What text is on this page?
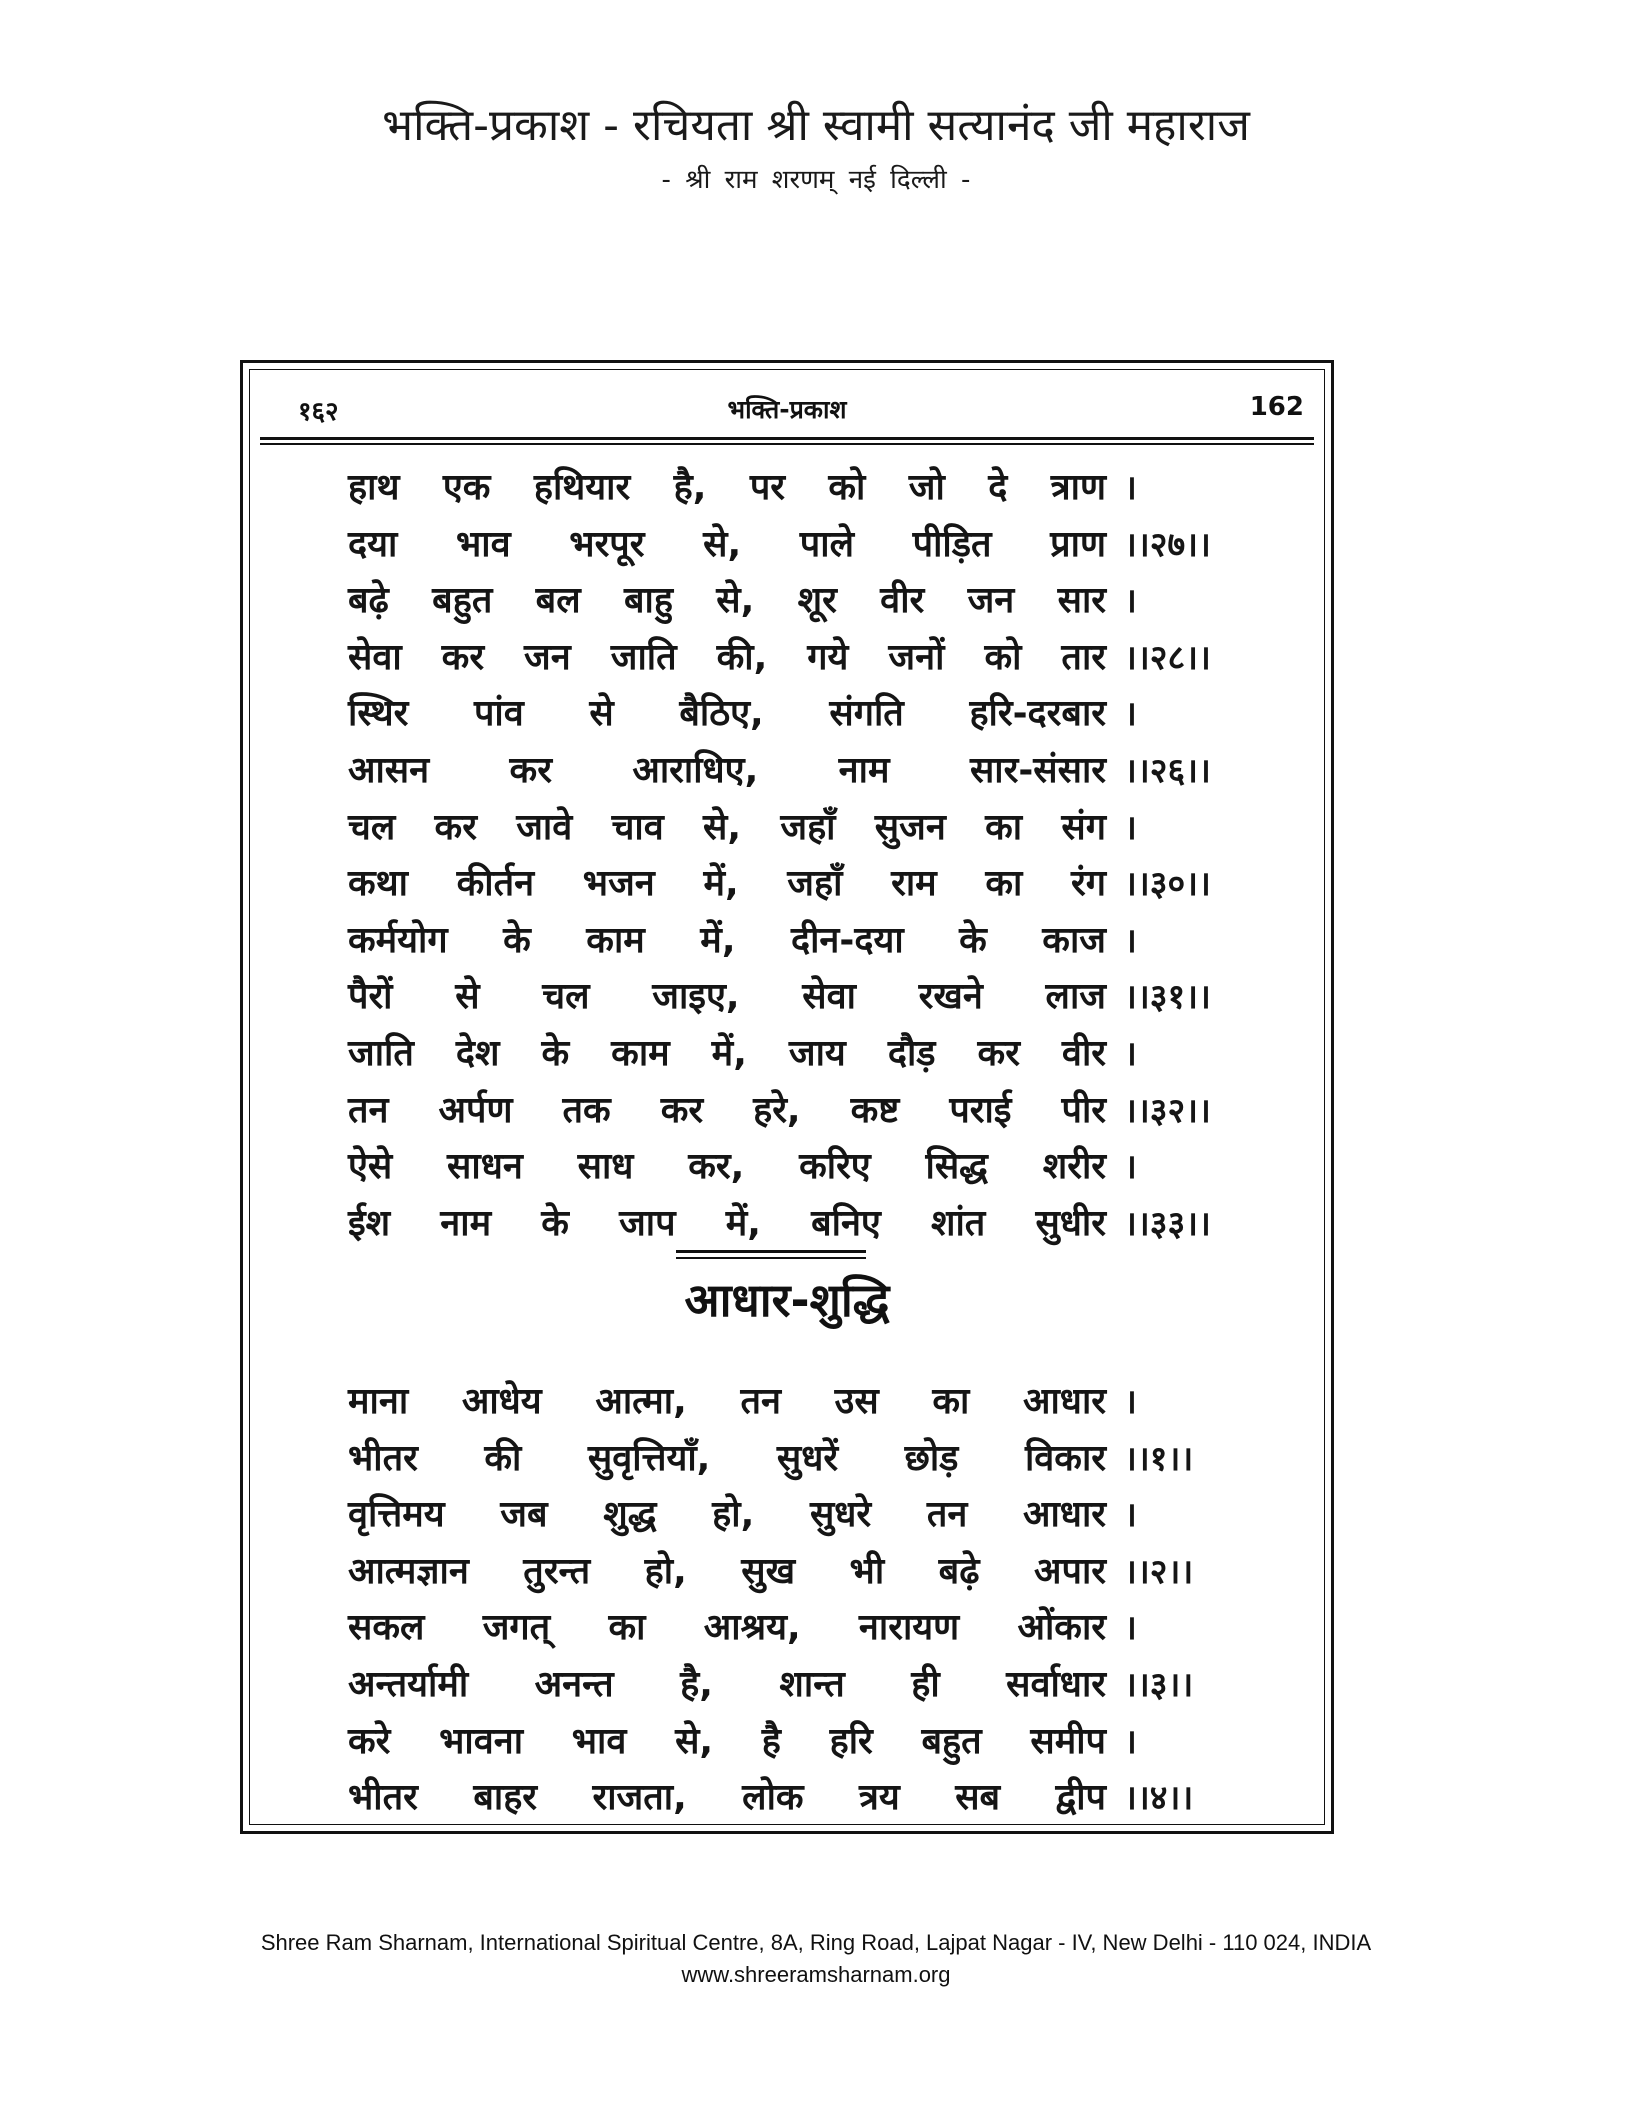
भक्ति-प्रकाश - रचियता श्री स्वामी सत्यानंद जी महाराज
- श्री राम शरणम् नई दिल्ली -
१६२	भक्ति-प्रकाश	162
हाथ एक हथियार है, पर को जो दे त्राण ।
दया भाव भरपूर से, पाले पीड़ित प्राण ।।२७।।
बढ़े बहुत बल बाहु से, शूर वीर जन सार ।
सेवा कर जन जाति की, गये जनों को तार ।।२८।।
स्थिर पांव से बैठिए, संगति हरि-दरबार ।
आसन कर आराधिए, नाम सार-संसार ।।२६।।
चल कर जावे चाव से, जहाँ सुजन का संग ।
कथा कीर्तन भजन में, जहाँ राम का रंग ।।३०।।
कर्मयोग के काम में, दीन-दया के काज ।
पैरों से चल जाइए, सेवा रखने लाज ।।३१।।
जाति देश के काम में, जाय दौड़ कर वीर ।
तन अर्पण तक कर हरे, कष्ट पराई पीर ।।३२।।
ऐसे साधन साध कर, करिए सिद्ध शरीर ।
ईश नाम के जाप में, बनिए शांत सुधीर ।।३३।।
आधार-शुद्धि
माना आधेय आत्मा, तन उस का आधार ।
भीतर की सुवृत्तियाँ, सुधरें छोड़ विकार ।।१।।
वृत्तिमय जब शुद्ध हो, सुधरे तन आधार ।
आत्मज्ञान तुरन्त हो, सुख भी बढ़े अपार ।।२।।
सकल जगत् का आश्रय, नारायण ओंकार ।
अन्तर्यामी अनन्त है, शान्त ही सर्वाधार ।।३।।
करे भावना भाव से, है हरि बहुत समीप ।
भीतर बाहर राजता, लोक त्रय सब द्वीप ।।४।।
Shree Ram Sharnam, International Spiritual Centre, 8A, Ring Road, Lajpat Nagar - IV, New Delhi - 110 024, INDIA
www.shreeramsharnam.org
